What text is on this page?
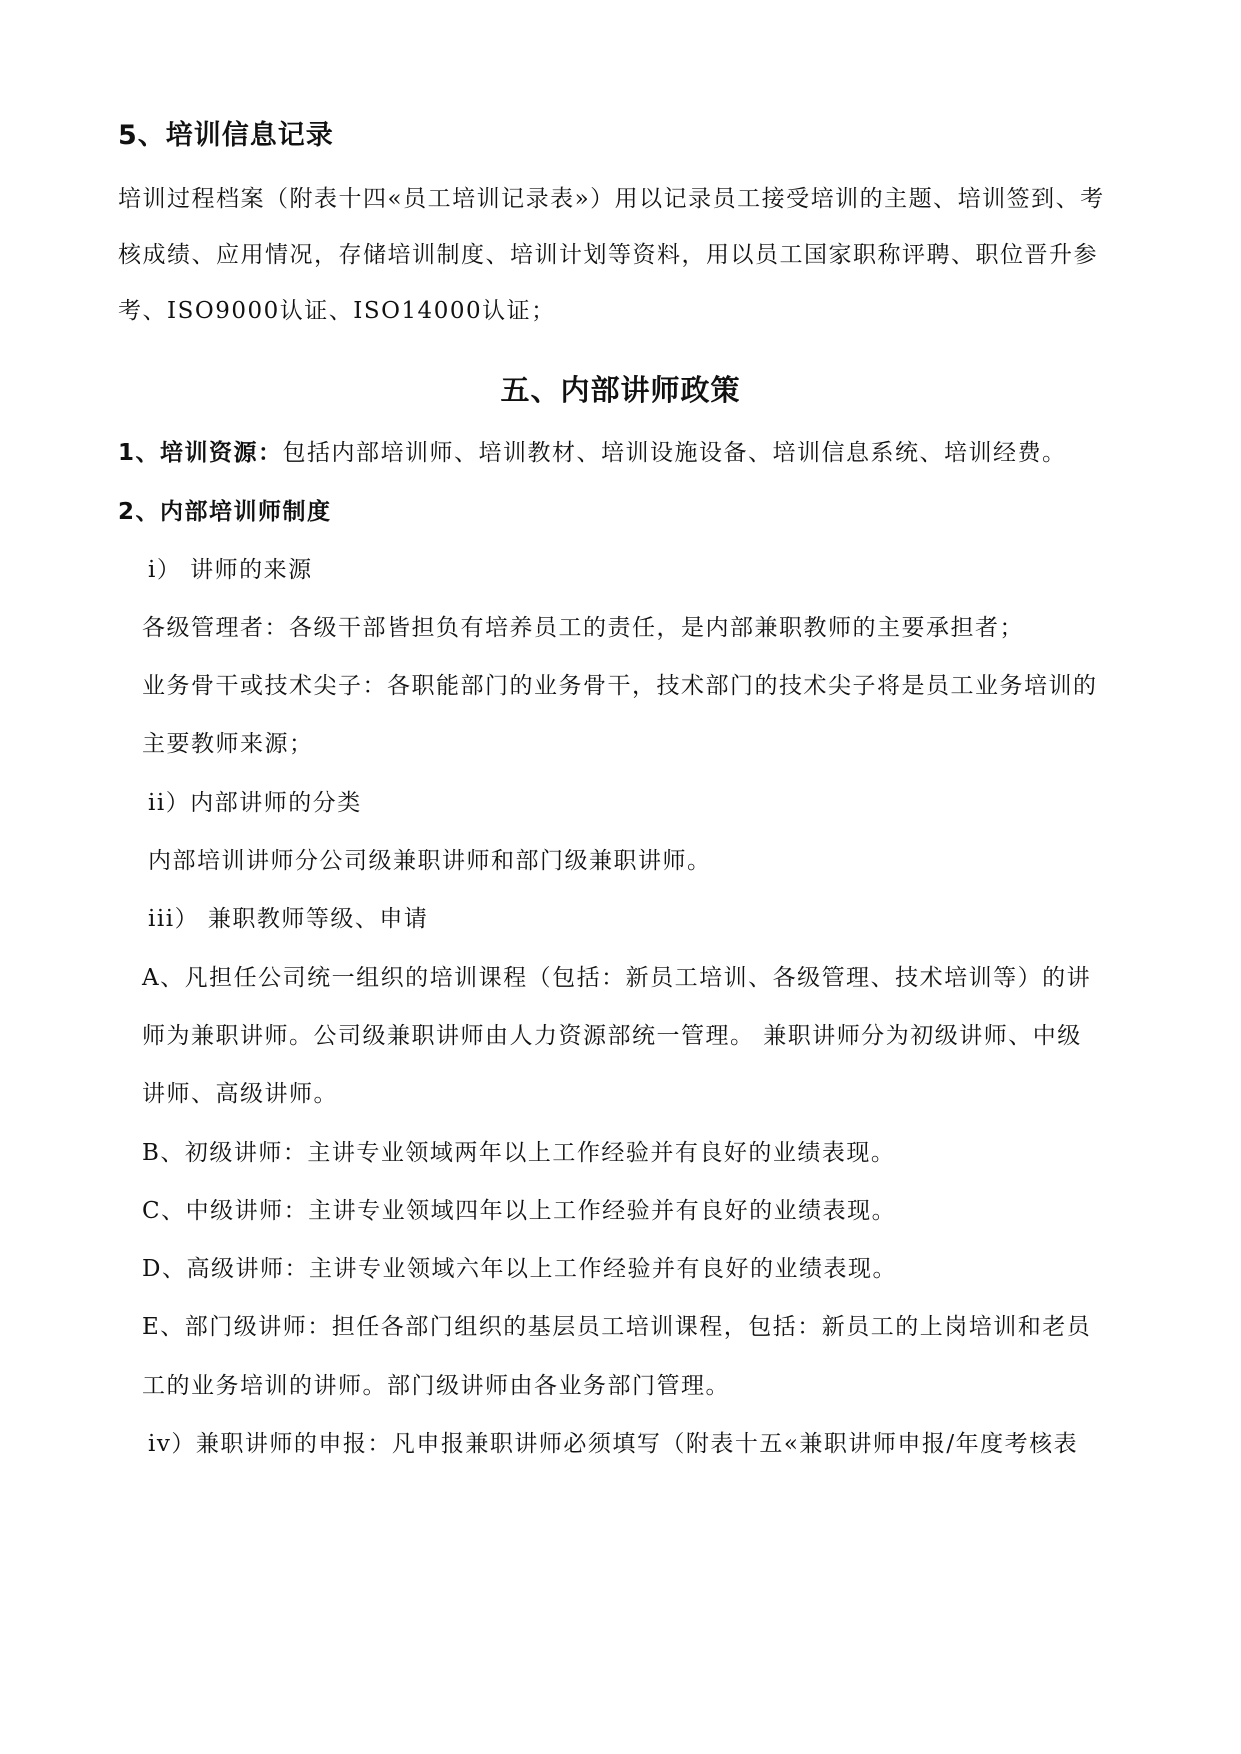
5、培训信息记录
培训过程档案（附表十四«员工培训记录表»）用以记录员工接受培训的主题、培训签到、考
核成绩、应用情况，存储培训制度、培训计划等资料，用以员工国家职称评聘、职位晋升参
考、ISO9000认证、ISO14000认证；
五、内部讲师政策
1、培训资源：包括内部培训师、培训教材、培训设施设备、培训信息系统、培训经费。
2、内部培训师制度
i） 讲师的来源
各级管理者：各级干部皆担负有培养员工的责任，是内部兼职教师的主要承担者；
业务骨干或技术尖子：各职能部门的业务骨干，技术部门的技术尖子将是员工业务培训的
主要教师来源；
ii）内部讲师的分类
内部培训讲师分公司级兼职讲师和部门级兼职讲师。
iii） 兼职教师等级、申请
A、凡担任公司统一组织的培训课程（包括：新员工培训、各级管理、技术培训等）的讲
师为兼职讲师。公司级兼职讲师由人力资源部统一管理。 兼职讲师分为初级讲师、中级
讲师、高级讲师。
B、初级讲师：主讲专业领域两年以上工作经验并有良好的业绩表现。
C、中级讲师：主讲专业领域四年以上工作经验并有良好的业绩表现。
D、高级讲师：主讲专业领域六年以上工作经验并有良好的业绩表现。
E、部门级讲师：担任各部门组织的基层员工培训课程，包括：新员工的上岗培训和老员
工的业务培训的讲师。部门级讲师由各业务部门管理。
iv）兼职讲师的申报：凡申报兼职讲师必须填写（附表十五«兼职讲师申报/年度考核表
